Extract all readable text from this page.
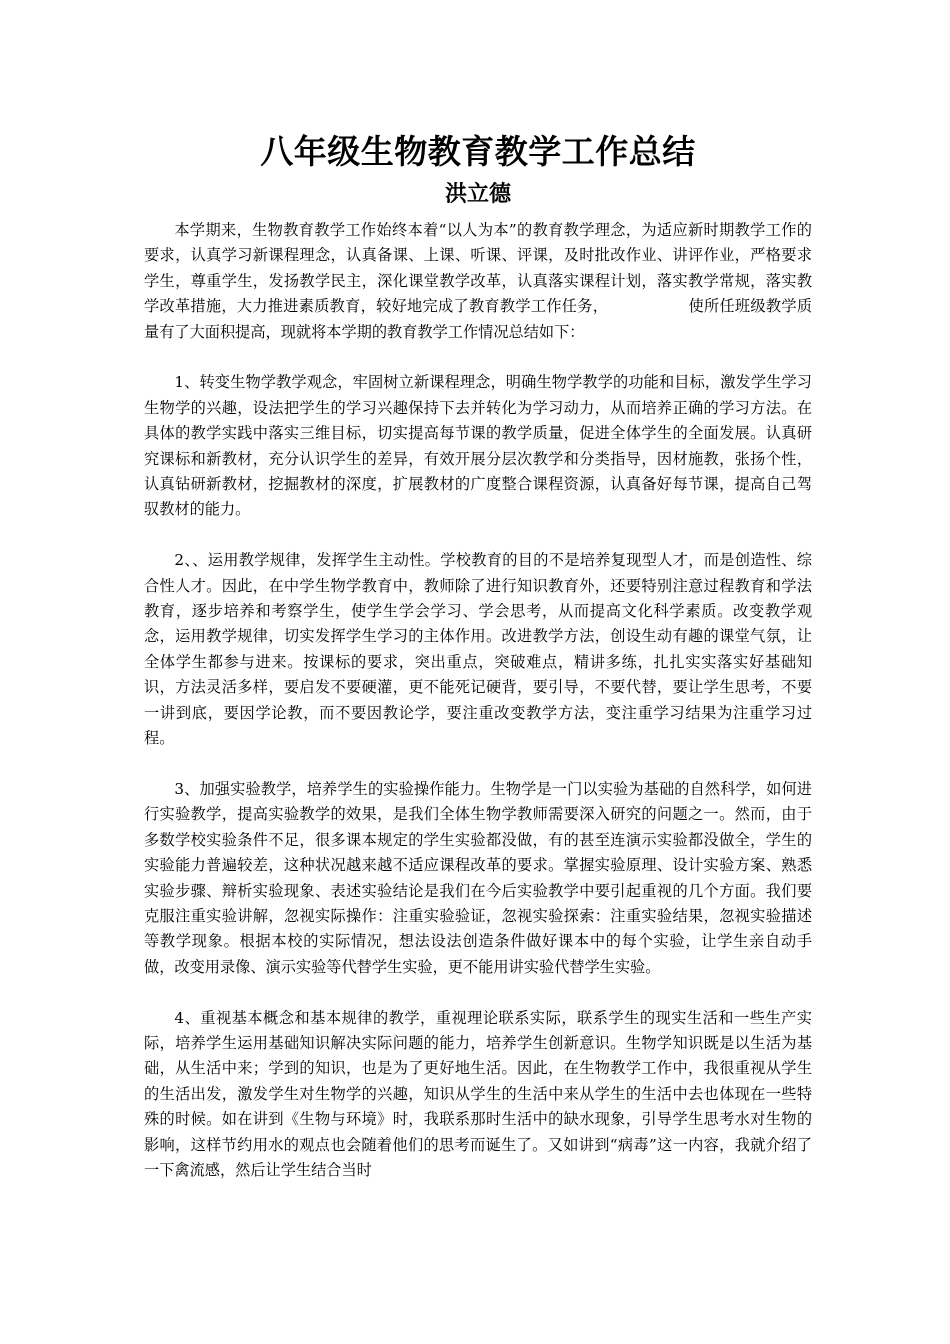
八年级生物教育教学工作总结
洪立德

本学期来，生物教育教学工作始终本着“以人为本”的教育教学理念，为适应新时期教学工作的要求，认真学习新课程理念，认真备课、上课、听课、评课，及时批改作业、讲评作业，严格要求学生，尊重学生，发扬教学民主，深化课堂教学改革，认真落实课程计划，落实教学常规，落实教学改革措施，大力推进素质教育，较好地完成了教育教学工作任务，	使所任班级教学质量有了大面积提高，现就将本学期的教育教学工作情况总结如下：

1、转变生物学教学观念，牢固树立新课程理念，明确生物学教学的功能和目标，激发学生学习生物学的兴趣，设法把学生的学习兴趣保持下去并转化为学习动力，从而培养正确的学习方法。在具体的教学实践中落实三维目标，切实提高每节课的教学质量，促进全体学生的全面发展。认真研究课标和新教材，充分认识学生的差异，有效开展分层次教学和分类指导，因材施教，张扬个性，认真钻研新教材，挖掘教材的深度，扩展教材的广度整合课程资源，认真备好每节课，提高自己驾驭教材的能力。

2、、运用教学规律，发挥学生主动性。学校教育的目的不是培养复现型人才，而是创造性、综合性人才。因此，在中学生物学教育中，教师除了进行知识教育外，还要特别注意过程教育和学法教育，逐步培养和考察学生，使学生学会学习、学会思考，从而提高文化科学素质。改变教学观念，运用教学规律，切实发挥学生学习的主体作用。改进教学方法，创设生动有趣的课堂气氛，让全体学生都参与进来。按课标的要求，突出重点，突破难点，精讲多练，扎扎实实落实好基础知识，方法灵活多样，要启发不要硬灌，更不能死记硬背，要引导，不要代替，要让学生思考，不要一讲到底，要因学论教，而不要因教论学，要注重改变教学方法，变注重学习结果为注重学习过程。

3、加强实验教学，培养学生的实验操作能力。生物学是一门以实验为基础的自然科学，如何进行实验教学，提高实验教学的效果，是我们全体生物学教师需要深入研究的问题之一。然而，由于多数学校实验条件不足，很多课本规定的学生实验都没做，有的甚至连演示实验都没做全，学生的实验能力普遍较差，这种状况越来越不适应课程改革的要求。掌握实验原理、设计实验方案、熟悉实验步骤、辩析实验现象、表述实验结论是我们在今后实验教学中要引起重视的几个方面。我们要克服注重实验讲解，忽视实际操作：注重实验验证，忽视实验探索：注重实验结果，忽视实验描述等教学现象。根据本校的实际情况，想法设法创造条件做好课本中的每个实验，让学生亲自动手做，改变用录像、演示实验等代替学生实验，更不能用讲实验代替学生实验。

4、重视基本概念和基本规律的教学，重视理论联系实际，联系学生的现实生活和一些生产实际，培养学生运用基础知识解决实际问题的能力，培养学生创新意识。生物学知识既是以生活为基础，从生活中来；学到的知识，也是为了更好地生活。因此，在生物教学工作中，我很重视从学生的生活出发，激发学生对生物学的兴趣，知识从学生的生活中来从学生的生活中去也体现在一些特殊的时候。如在讲到《生物与环境》时，我联系那时生活中的缺水现象，引导学生思考水对生物的影响，这样节约用水的观点也会随着他们的思考而诞生了。又如讲到“病毒”这一内容，我就介绍了一下禽流感，然后让学生结合当时
